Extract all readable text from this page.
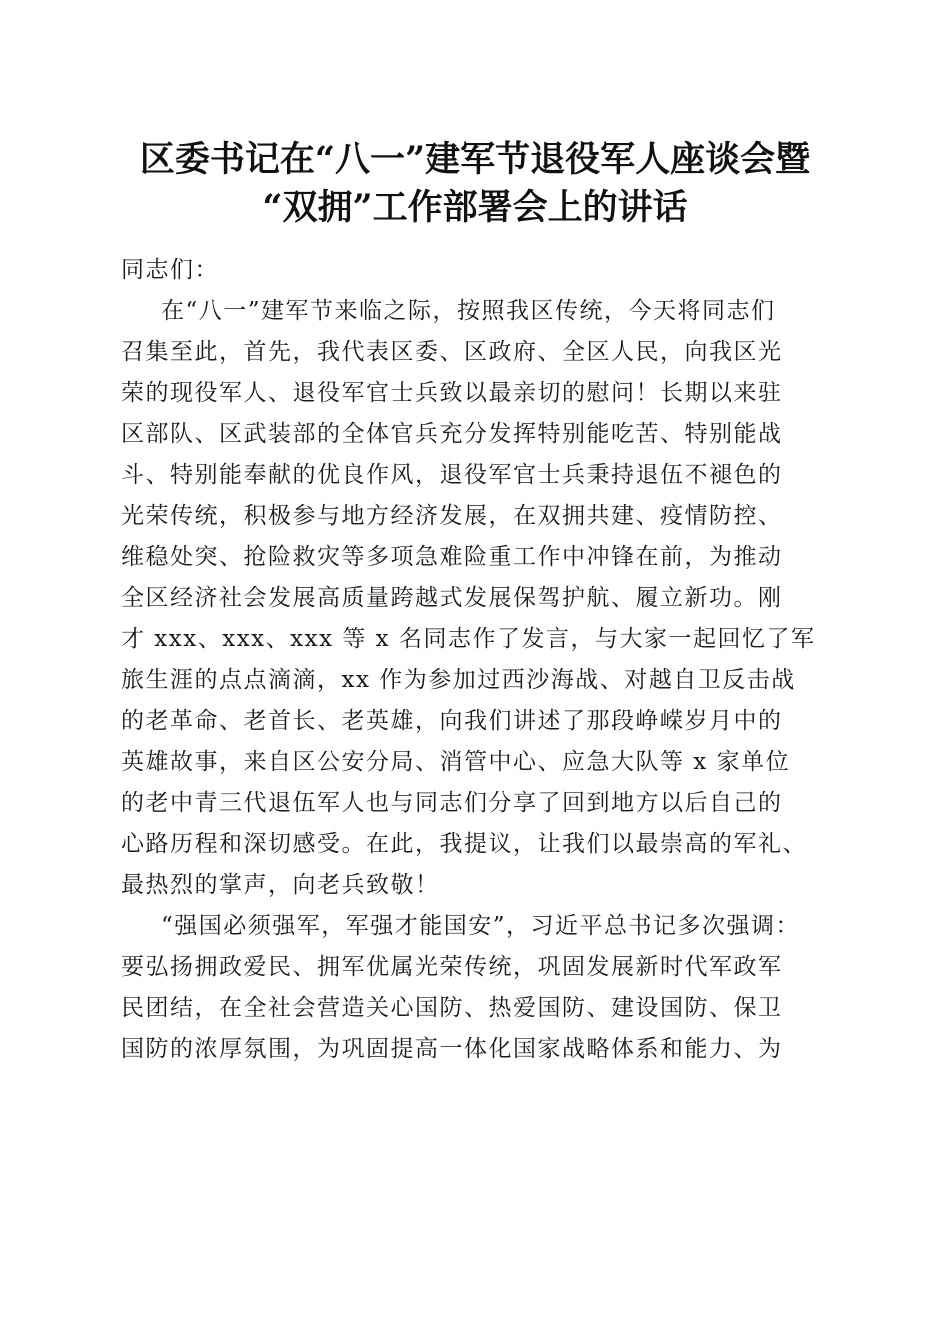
区委书记在“八一”建军节退役军人座谈会暨
“双拥”工作部署会上的讲话
同志们：
在“八一”建军节来临之际，按照我区传统，今天将同志们
召集至此，首先，我代表区委、区政府、全区人民，向我区光
荣的现役军人、退役军官士兵致以最亲切的慰问！长期以来驻
区部队、区武装部的全体官兵充分发挥特别能吃苦、特别能战
斗、特别能奉献的优良作风，退役军官士兵秉持退伍不褪色的
光荣传统，积极参与地方经济发展，在双拥共建、疫情防控、
维稳处突、抢险救灾等多项急难险重工作中冲锋在前，为推动
全区经济社会发展高质量跨越式发展保驾护航、履立新功。刚
才 xxx、xxx、xxx 等 x 名同志作了发言，与大家一起回忆了军
旅生涯的点点滴滴，xx 作为参加过西沙海战、对越自卫反击战
的老革命、老首长、老英雄，向我们讲述了那段峥嵘岁月中的
英雄故事，来自区公安分局、消管中心、应急大队等 x 家单位
的老中青三代退伍军人也与同志们分享了回到地方以后自己的
心路历程和深切感受。在此，我提议，让我们以最崇高的军礼、
最热烈的掌声，向老兵致敬！
“强国必须强军，军强才能国安”，习近平总书记多次强调：
要弘扬拥政爱民、拥军优属光荣传统，巩固发展新时代军政军
民团结，在全社会营造关心国防、热爱国防、建设国防、保卫
国防的浓厚氛围，为巩固提高一体化国家战略体系和能力、为
